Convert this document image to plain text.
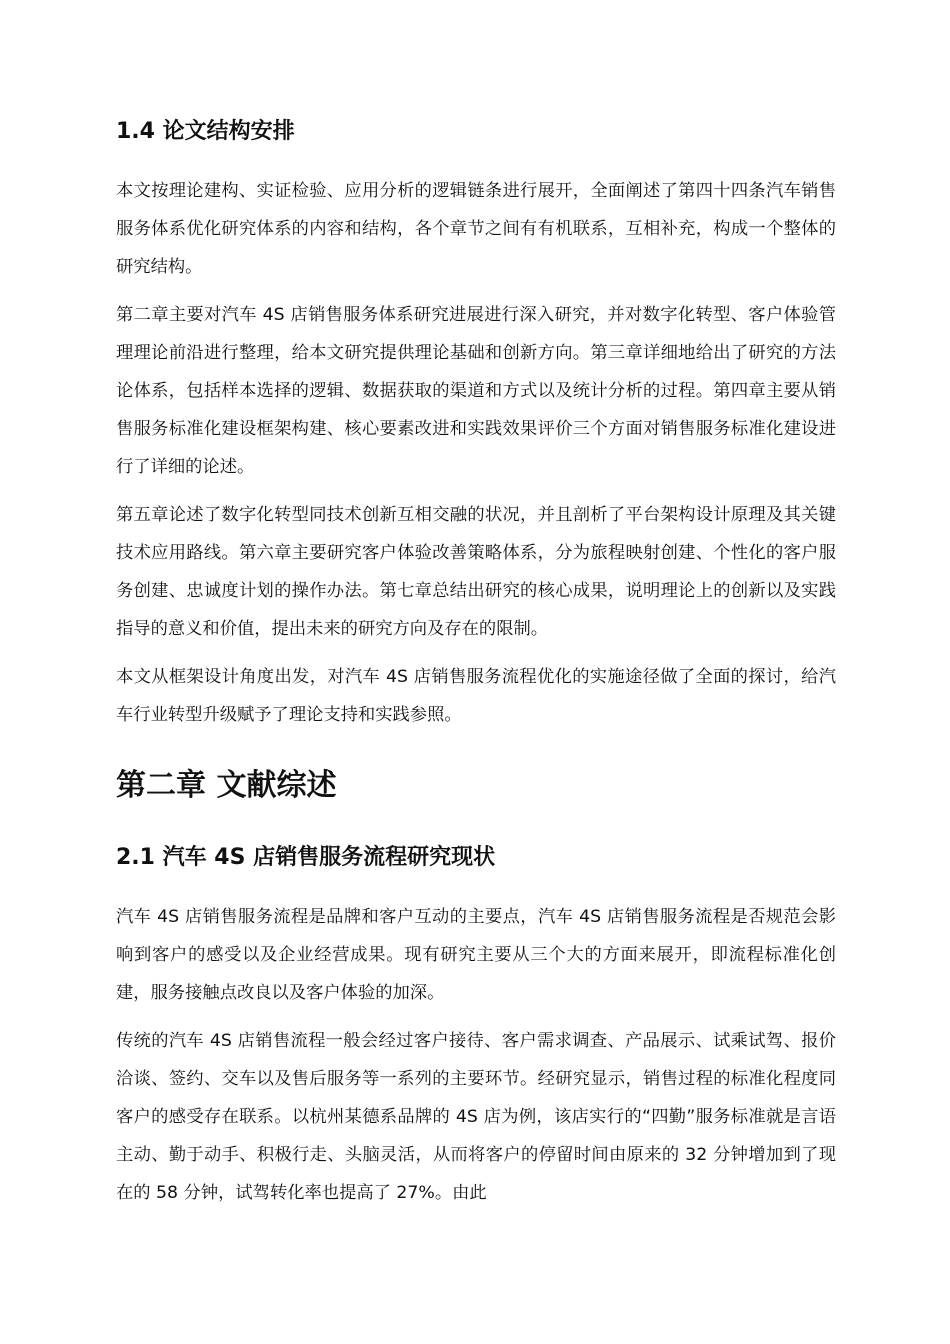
1.4 论文结构安排

本文按理论建构、实证检验、应用分析的逻辑链条进行展开，全面阐述了第四十四条汽车销售服务体系优化研究体系的内容和结构，各个章节之间有有机联系，互相补充，构成一个整体的研究结构。

第二章主要对汽车 4S 店销售服务体系研究进展进行深入研究，并对数字化转型、客户体验管理理论前沿进行整理，给本文研究提供理论基础和创新方向。第三章详细地给出了研究的方法论体系，包括样本选择的逻辑、数据获取的渠道和方式以及统计分析的过程。第四章主要从销售服务标准化建设框架构建、核心要素改进和实践效果评价三个方面对销售服务标准化建设进行了详细的论述。

第五章论述了数字化转型同技术创新互相交融的状况，并且剖析了平台架构设计原理及其关键技术应用路线。第六章主要研究客户体验改善策略体系，分为旅程映射创建、个性化的客户服务创建、忠诚度计划的操作办法。第七章总结出研究的核心成果，说明理论上的创新以及实践指导的意义和价值，提出未来的研究方向及存在的限制。

本文从框架设计角度出发，对汽车 4S 店销售服务流程优化的实施途径做了全面的探讨，给汽车行业转型升级赋予了理论支持和实践参照。

第二章 文献综述
2.1 汽车 4S 店销售服务流程研究现状

汽车 4S 店销售服务流程是品牌和客户互动的主要点，汽车 4S 店销售服务流程是否规范会影响到客户的感受以及企业经营成果。现有研究主要从三个大的方面来展开，即流程标准化创建，服务接触点改良以及客户体验的加深。

传统的汽车 4S 店销售流程一般会经过客户接待、客户需求调查、产品展示、试乘试驾、报价洽谈、签约、交车以及售后服务等一系列的主要环节。经研究显示，销售过程的标准化程度同客户的感受存在联系。以杭州某德系品牌的 4S 店为例，该店实行的“四勤”服务标准就是言语主动、勤于动手、积极行走、头脑灵活，从而将客户的停留时间由原来的 32 分钟增加到了现在的 58 分钟，试驾转化率也提高了 27%。由此
